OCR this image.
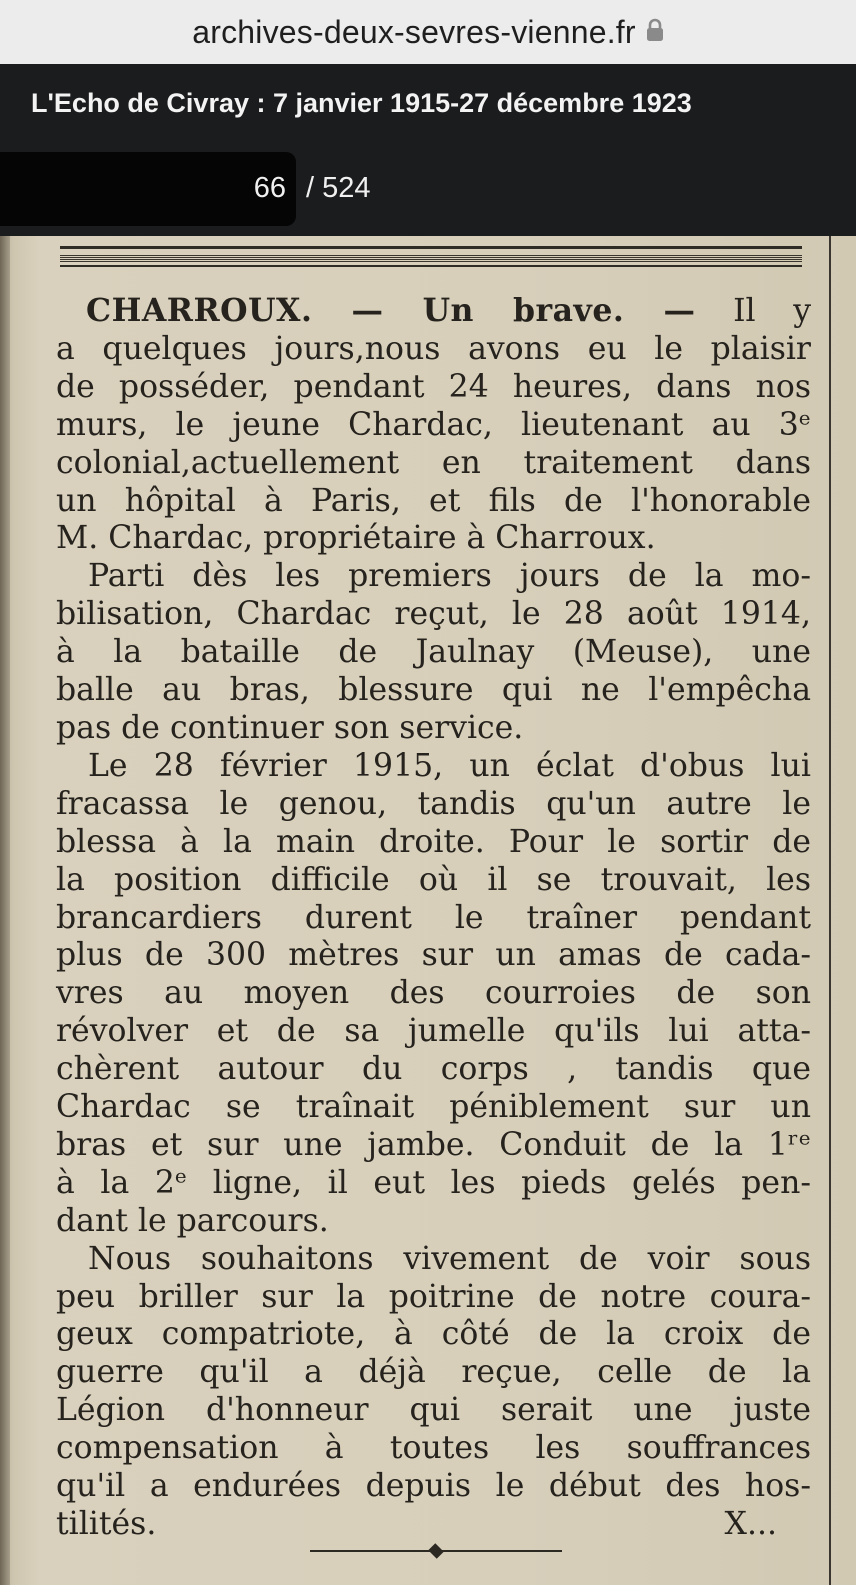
archives-deux-sevres-vienne.fr
L'Echo de Civray : 7 janvier 1915-27 décembre 1923
66
/ 524
CHARROUX. — Un brave. — Il y
a quelques jours,nous avons eu le plaisir
de posséder, pendant 24 heures, dans nos
murs, le jeune Chardac, lieutenant au 3ᵉ
colonial,actuellement en traitement dans
un hôpital à Paris, et fils de l'honorable
M. Chardac, propriétaire à Charroux.
Parti dès les premiers jours de la mo-
bilisation, Chardac reçut, le 28 août 1914,
à la bataille de Jaulnay (Meuse), une
balle au bras, blessure qui ne l'empêcha
pas de continuer son service.
Le 28 février 1915, un éclat d'obus lui
fracassa le genou, tandis qu'un autre le
blessa à la main droite. Pour le sortir de
la position difficile où il se trouvait, les
brancardiers durent le traîner pendant
plus de 300 mètres sur un amas de cada-
vres au moyen des courroies de son
révolver et de sa jumelle qu'ils lui atta-
chèrent autour du corps , tandis que
Chardac se traînait péniblement sur un
bras et sur une jambe. Conduit de la 1ʳᵉ
à la 2ᵉ ligne, il eut les pieds gelés pen-
dant le parcours.
Nous souhaitons vivement de voir sous
peu briller sur la poitrine de notre coura-
geux compatriote, à côté de la croix de
guerre qu'il a déjà reçue, celle de la
Légion d'honneur qui serait une juste
compensation à toutes les souffrances
qu'il a endurées depuis le début des hos-
tilités.	X...
